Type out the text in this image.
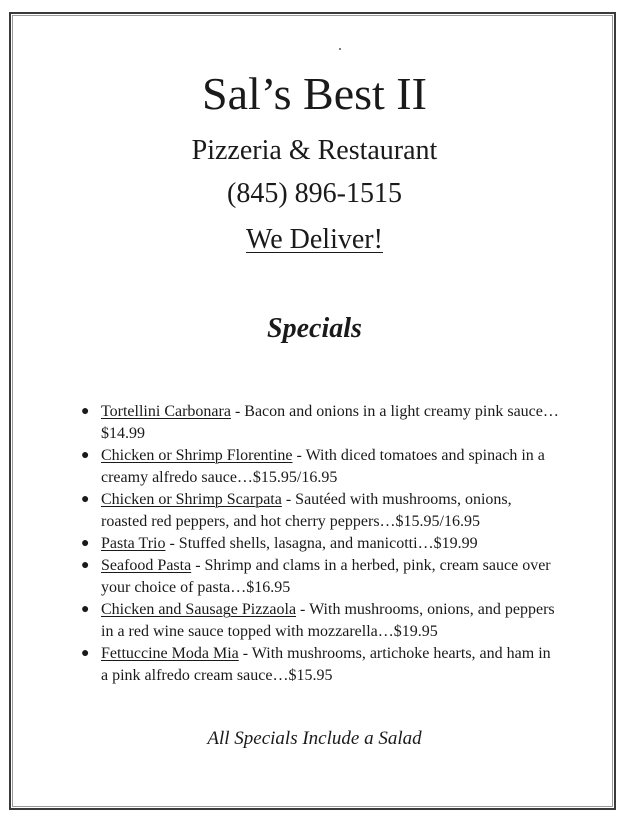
Sal’s Best II
Pizzeria & Restaurant
(845) 896-1515
We Deliver!
Specials
● Tortellini Carbonara - Bacon and onions in a light creamy pink sauce… $14.99
● Chicken or Shrimp Florentine - With diced tomatoes and spinach in a creamy alfredo sauce…$15.95/16.95
● Chicken or Shrimp Scarpata - Sautéed with mushrooms, onions, roasted red peppers, and hot cherry peppers…$15.95/16.95
● Pasta Trio - Stuffed shells, lasagna, and manicotti…$19.99
● Seafood Pasta - Shrimp and clams in a herbed, pink, cream sauce over your choice of pasta…$16.95
● Chicken and Sausage Pizzaola - With mushrooms, onions, and peppers in a red wine sauce topped with mozzarella…$19.95
● Fettuccine Moda Mia - With mushrooms, artichoke hearts, and ham in a pink alfredo cream sauce…$15.95
All Specials Include a Salad
